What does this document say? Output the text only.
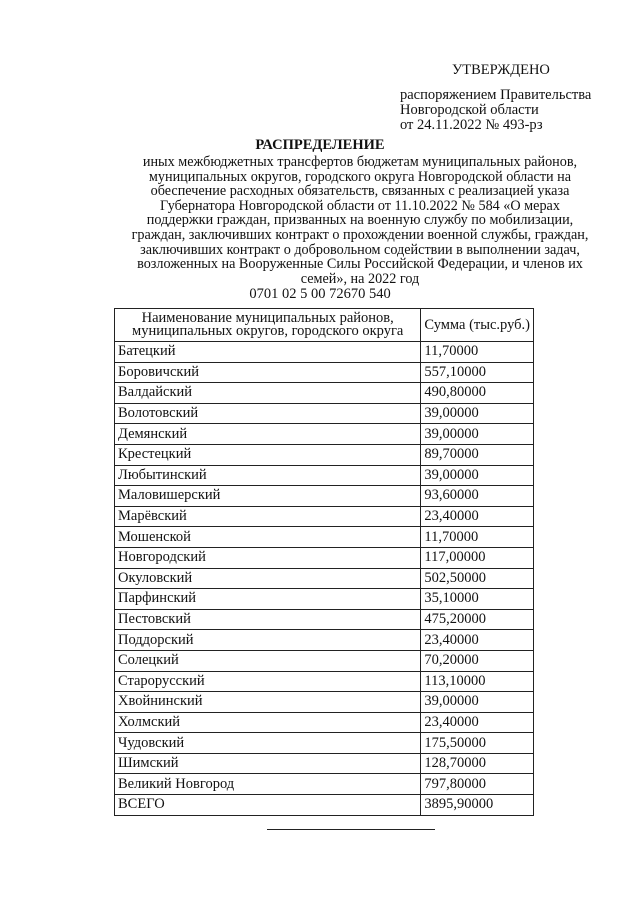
УТВЕРЖДЕНО
распоряжением Правительства
Новгородской области
от 24.11.2022 № 493-рз
РАСПРЕДЕЛЕНИЕ
иных межбюджетных трансфертов бюджетам муниципальных районов,
муниципальных округов, городского округа Новгородской области на
обеспечение расходных обязательств, связанных с реализацией указа
Губернатора Новгородской области от 11.10.2022 № 584 «О мерах
поддержки граждан, призванных на военную службу по мобилизации,
граждан, заключивших контракт о прохождении военной службы, граждан,
заключивших контракт о добровольном содействии в выполнении задач,
возложенных на Вооруженные Силы Российской Федерации, и членов их
семей», на 2022 год
0701 02 5 00 72670 540
Наименование муниципальных районов,
муниципальных округов, городского округа	Сумма (тыс.руб.)
Батецкий	11,70000
Боровичский	557,10000
Валдайский	490,80000
Волотовский	39,00000
Демянский	39,00000
Крестецкий	89,70000
Любытинский	39,00000
Маловишерский	93,60000
Марёвский	23,40000
Мошенской	11,70000
Новгородский	117,00000
Окуловский	502,50000
Парфинский	35,10000
Пестовский	475,20000
Поддорский	23,40000
Солецкий	70,20000
Старорусский	113,10000
Хвойнинский	39,00000
Холмский	23,40000
Чудовский	175,50000
Шимский	128,70000
Великий Новгород	797,80000
ВСЕГО	3895,90000
